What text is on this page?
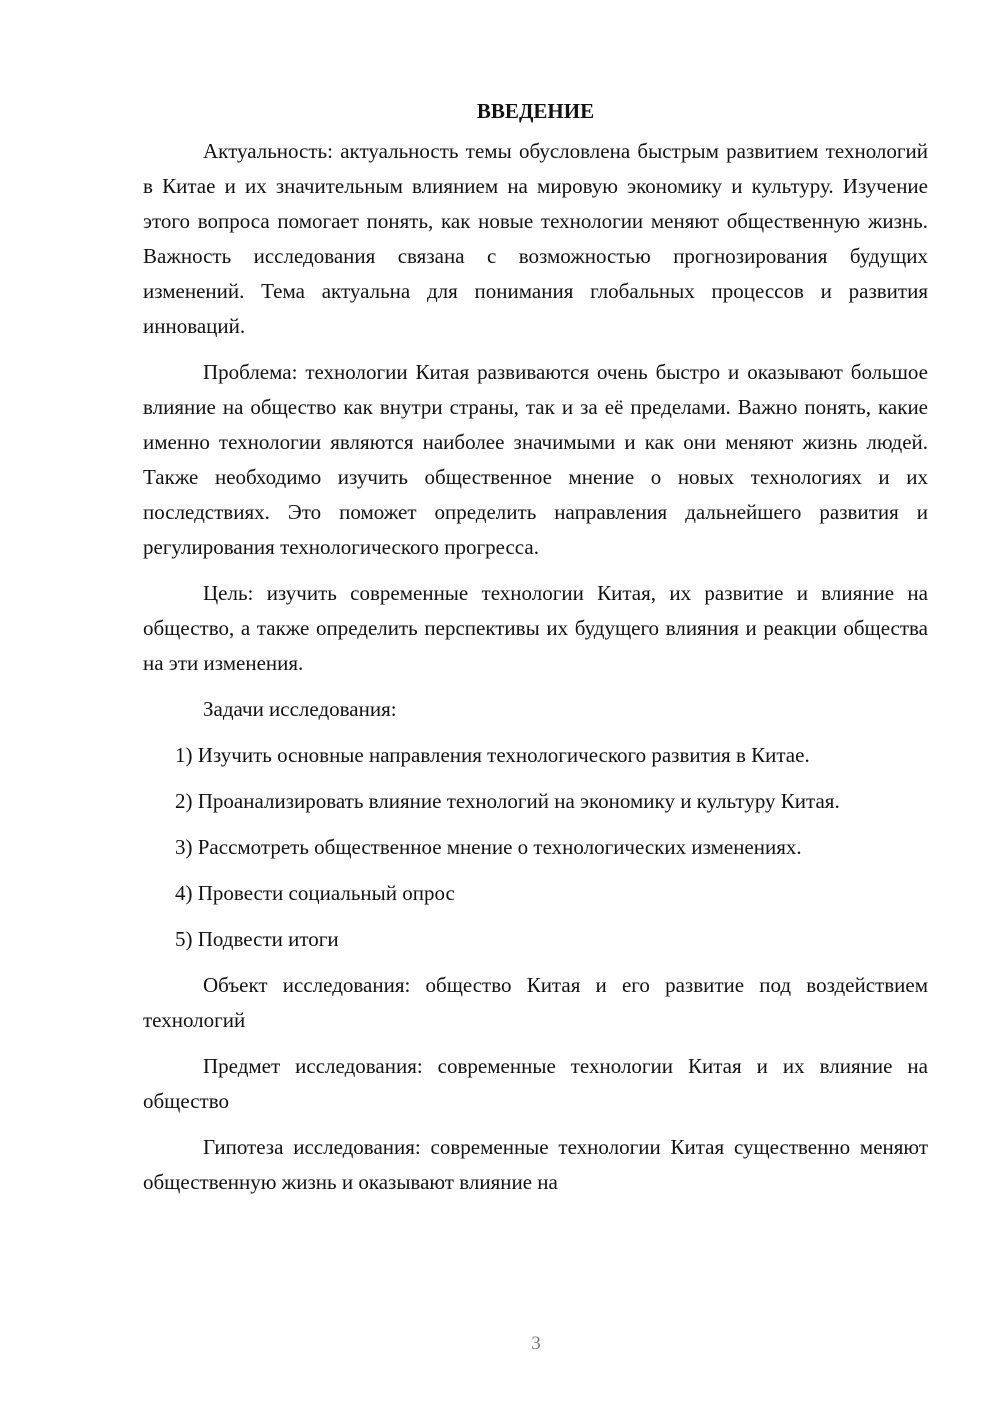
ВВЕДЕНИЕ

Актуальность: актуальность темы обусловлена быстрым развитием технологий в Китае и их значительным влиянием на мировую экономику и культуру. Изучение этого вопроса помогает понять, как новые технологии меняют общественную жизнь. Важность исследования связана с возможностью прогнозирования будущих изменений. Тема актуальна для понимания глобальных процессов и развития инноваций.

Проблема: технологии Китая развиваются очень быстро и оказывают большое влияние на общество как внутри страны, так и за её пределами. Важно понять, какие именно технологии являются наиболее значимыми и как они меняют жизнь людей. Также необходимо изучить общественное мнение о новых технологиях и их последствиях. Это поможет определить направления дальнейшего развития и регулирования технологического прогресса.

Цель: изучить современные технологии Китая, их развитие и влияние на общество, а также определить перспективы их будущего влияния и реакции общества на эти изменения.

Задачи исследования:

1) Изучить основные направления технологического развития в Китае.

2) Проанализировать влияние технологий на экономику и культуру Китая.

3) Рассмотреть общественное мнение о технологических изменениях.

4) Провести социальный опрос

5) Подвести итоги

Объект исследования: общество Китая и его развитие под воздействием технологий

Предмет исследования: современные технологии Китая и их влияние на общество

Гипотеза исследования: современные технологии Китая существенно меняют общественную жизнь и оказывают влияние на

3
